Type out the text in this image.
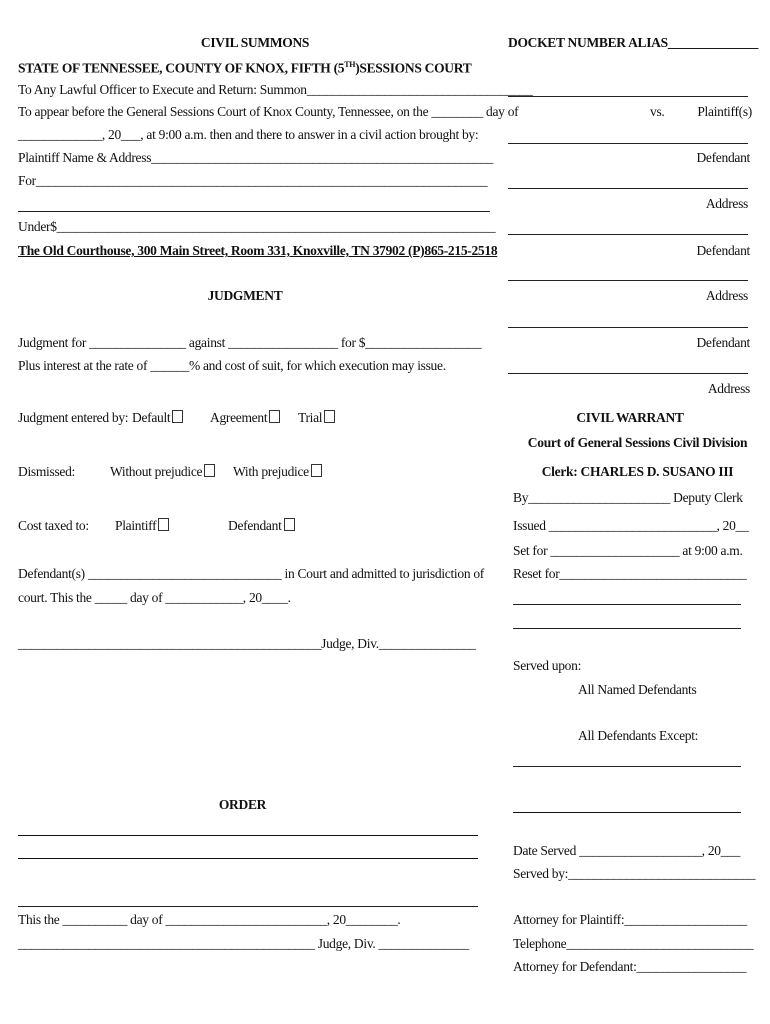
CIVIL SUMMONS
STATE OF TENNESSEE, COUNTY OF KNOX, FIFTH (5TH)SESSIONS COURT
To Any Lawful Officer to Execute and Return: Summon___________________________________
To appear before the General Sessions Court of Knox County, Tennessee, on the ________ day of
_____________, 20___, at 9:00 a.m. then and there to answer in a civil action brought by:
Plaintiff Name & Address_____________________________________________________
For______________________________________________________________________
Under$____________________________________________________________________
The Old Courthouse, 300 Main Street, Room 331, Knoxville, TN 37902 (P)865-215-2518
JUDGMENT
Judgment for _______________ against _________________ for $__________________
Plus interest at the rate of ______% and cost of suit, for which execution may issue.
Judgment entered by: Default	Agreement	Trial
Dismissed:	Without prejudice	With prejudice
Cost taxed to: Plaintiff	Defendant
Defendant(s) ______________________________ in Court and admitted to jurisdiction of
court. This the _____ day of ____________, 20____.
_______________________________________________Judge, Div._______________
ORDER
This the __________ day of _________________________, 20________.
______________________________________________ Judge, Div. ______________
DOCKET NUMBER ALIAS______________
vs.	Plaintiff(s)
Defendant
Address
Defendant
Address
Defendant
Address
CIVIL WARRANT
Court of General Sessions Civil Division
Clerk: CHARLES D. SUSANO III
By______________________ Deputy Clerk
Issued __________________________, 20__
Set for ____________________ at 9:00 a.m.
Reset for_____________________________
Served upon:
All Named Defendants
All Defendants Except:
Date Served ___________________, 20___
Served by:_____________________________
Attorney for Plaintiff:___________________
Telephone_____________________________
Attorney for Defendant:_________________
